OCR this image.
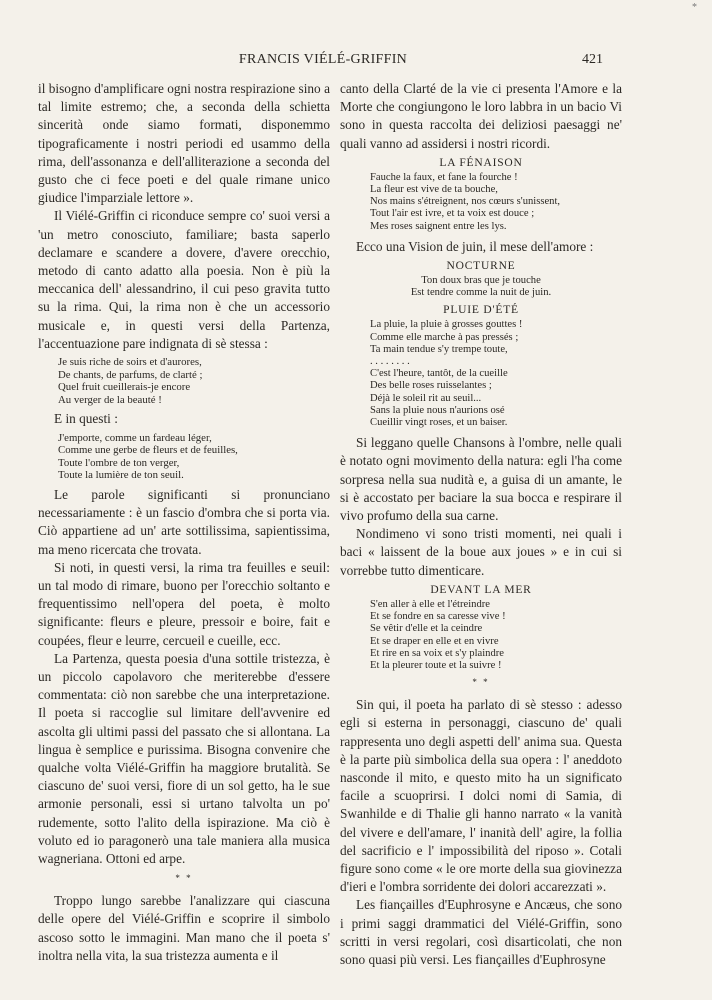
*
FRANCIS VIÉLÉ-GRIFFIN	421

il bisogno d'amplificare ogni nostra respirazione sino a tal limite estremo; che, a seconda della schietta sincerità onde siamo formati, disponemmo tipograficamente i nostri periodi ed usammo della rima, dell'assonanza e dell'alliterazione a seconda del gusto che ci fece poeti e del quale rimane unico giudice l'imparziale lettore ».

Il Viélé-Griffin ci riconduce sempre co' suoi versi a 'un metro conosciuto, familiare; basta saperlo declamare e scandere a dovere, d'avere orecchio, metodo di canto adatto alla poesia. Non è più la meccanica dell' alessandrino, il cui peso gravita tutto su la rima. Qui, la rima non è che un accessorio musicale e, in questi versi della Partenza, l'accentuazione pare indignata di sè stessa :

Je suis riche de soirs et d'aurores,
De chants, de parfums, de clarté ;
Quel fruit cueillerais-je encore
Au verger de la beauté !

E in questi :

J'emporte, comme un fardeau léger,
Comme une gerbe de fleurs et de feuilles,
Toute l'ombre de ton verger,
Toute la lumière de ton seuil.

Le parole significanti si pronunciano necessariamente : è un fascio d'ombra che si porta via. Ciò appartiene ad un' arte sottilissima, sapientissima, ma meno ricercata che trovata.

Si noti, in questi versi, la rima tra feuilles e seuil: un tal modo di rimare, buono per l'orecchio soltanto e frequentissimo nell'opera del poeta, è molto significante: fleurs e pleure, pressoir e boire, fait e coupées, fleur e leurre, cercueil e cueille, ecc.

La Partenza, questa poesia d'una sottile tristezza, è un piccolo capolavoro che meriterebbe d'essere commentata: ciò non sarebbe che una interpretazione. Il poeta si raccoglie sul limitare dell'avvenire ed ascolta gli ultimi passi del passato che si allontana. La lingua è semplice e purissima. Bisogna convenire che qualche volta Viélé-Griffin ha maggiore brutalità. Se ciascuno de' suoi versi, fiore di un sol getto, ha le sue armonie personali, essi si urtano talvolta un po' rudemente, sotto l'alito della ispirazione. Ma ciò è voluto ed io paragonerò una tale maniera alla musica wagneriana. Ottoni ed arpe.

* *

Troppo lungo sarebbe l'analizzare qui ciascuna delle opere del Viélé-Griffin e scoprire il simbolo ascoso sotto le immagini. Man mano che il poeta s' inoltra nella vita, la sua tristezza aumenta e il

canto della Clarté de la vie ci presenta l'Amore e la Morte che congiungono le loro labbra in un bacio Vi sono in questa raccolta dei deliziosi paesaggi ne' quali vanno ad assidersi i nostri ricordi.

LA FÉNAISON
Fauche la faux, et fane la fourche !
La fleur est vive de ta bouche,
Nos mains s'étreignent, nos cœurs s'unissent,
Tout l'air est ivre, et ta voix est douce ;
Mes roses saignent entre les lys.

Ecco una Vision de juin, il mese dell'amore :

NOCTURNE
Ton doux bras que je touche
Est tendre comme la nuit de juin.
PLUIE D'ÉTÉ
La pluie, la pluie à grosses gouttes !
Comme elle marche à pas pressés ;
Ta main tendue s'y trempe toute,
. . . . . . . .
C'est l'heure, tantôt, de la cueille
Des belle roses ruisselantes ;
Déjà le soleil rit au seuil...
Sans la pluie nous n'aurions osé
Cueillir vingt roses, et un baiser.

Si leggano quelle Chansons à l'ombre, nelle quali è notato ogni movimento della natura: egli l'ha come sorpresa nella sua nudità e, a guisa di un amante, le si è accostato per baciare la sua bocca e respirare il vivo profumo della sua carne.

Nondimeno vi sono tristi momenti, nei quali i baci « laissent de la boue aux joues » e in cui si vorrebbe tutto dimenticare.

DEVANT LA MER
S'en aller à elle et l'étreindre
Et se fondre en sa caresse vive !
Se vêtir d'elle et la ceindre
Et se draper en elle et en vivre
Et rire en sa voix et s'y plaindre
Et la pleurer toute et la suivre !
* *

Sin qui, il poeta ha parlato di sè stesso : adesso egli si esterna in personaggi, ciascuno de' quali rappresenta uno degli aspetti dell' anima sua. Questa è la parte più simbolica della sua opera : l' aneddoto nasconde il mito, e questo mito ha un significato facile a scuoprirsi. I dolci nomi di Samia, di Swanhilde e di Thalie gli hanno narrato « la vanità del vivere e dell'amare, l' inanità dell' agire, la follia del sacrificio e l' impossibilità del riposo ». Cotali figure sono come « le ore morte della sua giovinezza d'ieri e l'ombra sorridente dei dolori accarezzati ».

Les fiançailles d'Euphrosyne e Ancæus, che sono i primi saggi drammatici del Viélé-Griffin, sono scritti in versi regolari, così disarticolati, che non sono quasi più versi. Les fiançailles d'Euphrosyne
